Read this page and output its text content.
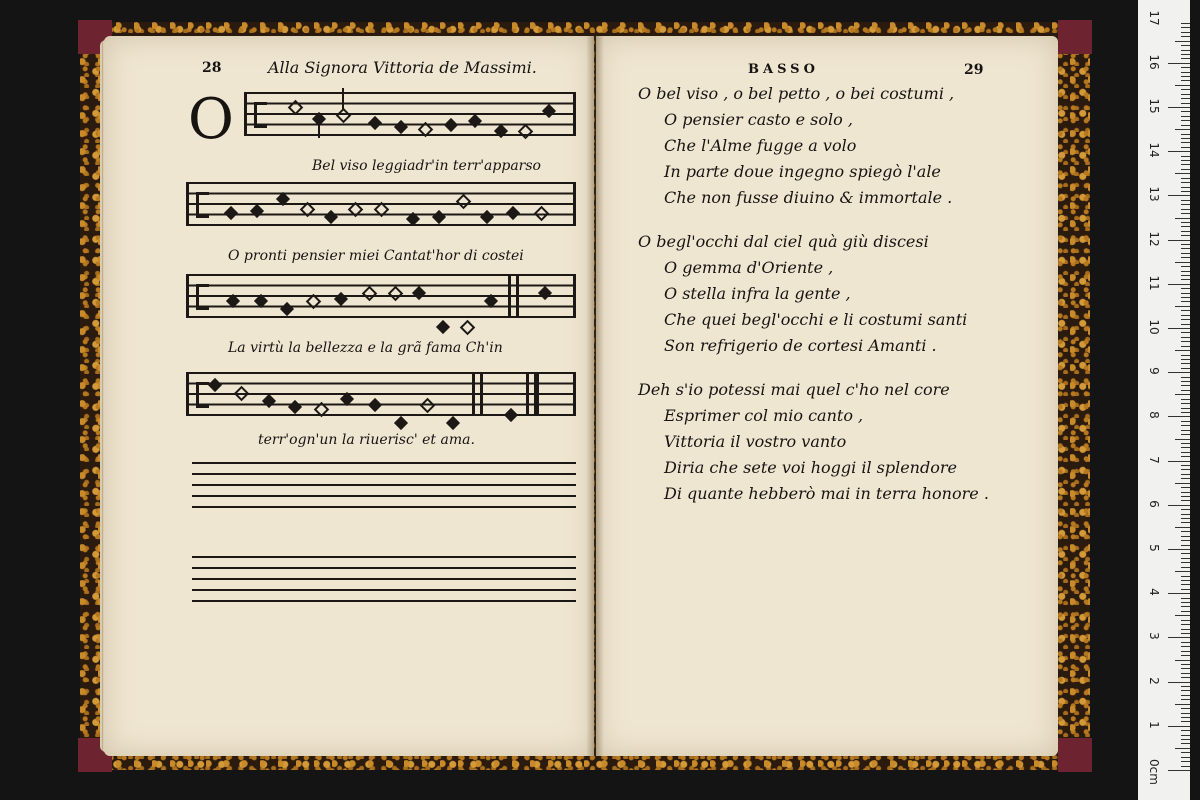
28	Alla Signora Vittoria de Massimi.
O
Bel viso leggiadr'in terr'apparso
O pronti pensier miei Cantat'hor di costei
La virtù la bellezza e la grã fama Ch'in
terr'ogn'un la riuerisc' et ama.
BASSO	29
O bel viso , o bel petto , o bei costumi ,
O pensier casto e solo ,
Che l'Alme fugge a volo
In parte doue ingegno spiegò l'ale
Che non fusse diuino & immortale .
O begl'occhi dal ciel quà giù discesi
O gemma d'Oriente ,
O stella infra la gente ,
Che quei begl'occhi e li costumi santi
Son refrigerio de cortesi Amanti .
Deh s'io potessi mai quel c'ho nel core
Esprimer col mio canto ,
Vittoria il vostro vanto
Diria che sete voi hoggi il splendore
Di quante hebberò mai in terra honore .
0cm
1
2
3
4
5
6
7
8
9
10
11
12
13
14
15
16
17
